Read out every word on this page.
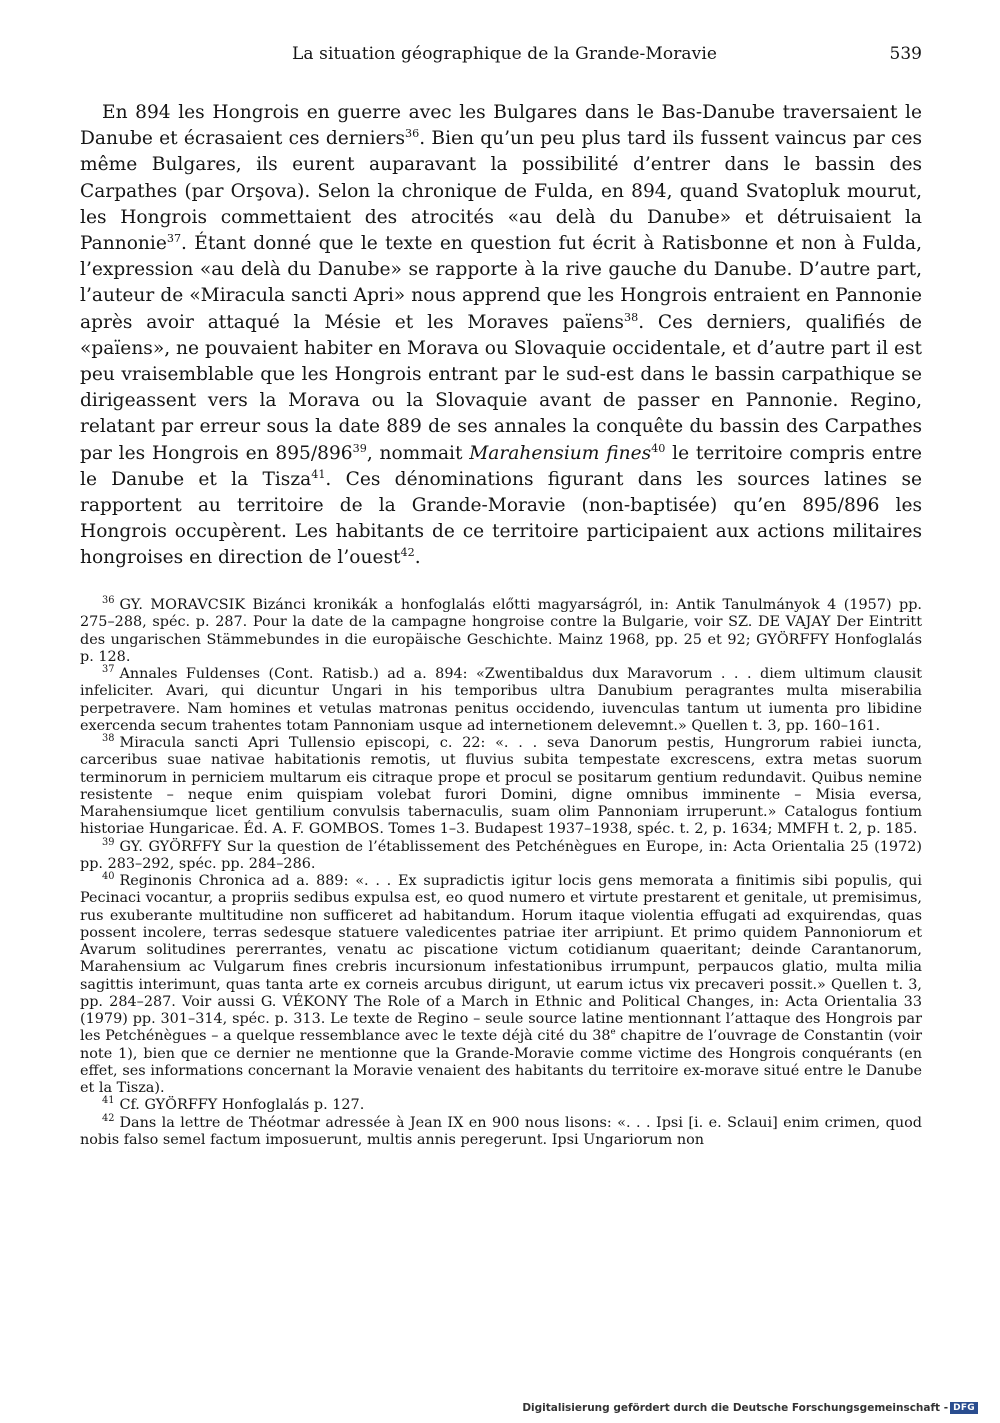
La situation géographique de la Grande-Moravie	539

En 894 les Hongrois en guerre avec les Bulgares dans le Bas-Danube traversaient le Danube et écrasaient ces derniers$^{36}$. Bien qu’un peu plus tard ils fussent vaincus par ces même Bulgares, ils eurent auparavant la possibilité d’entrer dans le bassin des Carpathes (par Orşova). Selon la chronique de Fulda, en 894, quand Svatopluk mourut, les Hongrois commettaient des atrocités «au delà du Danube» et détruisaient la Pannonie$^{37}$. Étant donné que le texte en question fut écrit à Ratisbonne et non à Fulda, l’expression «au delà du Danube» se rapporte à la rive gauche du Danube. D’autre part, l’auteur de «Miracula sancti Apri» nous apprend que les Hongrois entraient en Pannonie après avoir attaqué la Mésie et les Moraves païens$^{38}$. Ces derniers, qualifiés de «païens», ne pouvaient habiter en Morava ou Slovaquie occidentale, et d’autre part il est peu vraisemblable que les Hongrois entrant par le sud-est dans le bassin carpathique se dirigeassent vers la Morava ou la Slovaquie avant de passer en Pannonie. Regino, relatant par erreur sous la date 889 de ses annales la conquête du bassin des Carpathes par les Hongrois en $895/896^{39}$, nommait Marahensium fines$^{40}$ le territoire compris entre le Danube et la Tisza$^{41}$. Ces dénominations figurant dans les sources latines se rapportent au territoire de la Grande-Moravie (non-baptisée) qu’en 895/896 les Hongrois occupèrent. Les habitants de ce territoire participaient aux actions militaires hongroises en direction de l’ouest$^{42}$.

$^{36}$ GY. MORAVCSIK Bizánci kronikák a honfoglalás előtti magyarságról, in: Antik Tanulmányok 4 (1957) pp. 275–288, spéc. p. 287. Pour la date de la campagne hongroise contre la Bulgarie, voir SZ. DE VAJAY Der Eintritt des ungarischen Stämmebundes in die europäische Geschichte. Mainz 1968, pp. 25 et 92; GYÖRFFY Honfoglalás p. 128.

$^{37}$ Annales Fuldenses (Cont. Ratisb.) ad a. 894: «Zwentibaldus dux Maravorum . . . diem ultimum clausit infeliciter. Avari, qui dicuntur Ungari in his temporibus ultra Danubium peragrantes multa miserabilia perpetravere. Nam homines et vetulas matronas penitus occidendo, iuvenculas tantum ut iumenta pro libidine exercenda secum trahentes totam Pannoniam usque ad internetionem delevemnt.» Quellen t. 3, pp. 160–161.

$^{38}$ Miracula sancti Apri Tullensio episcopi, c. 22: «. . . seva Danorum pestis, Hungrorum rabiei iuncta, carceribus suae nativae habitationis remotis, ut fluvius subita tempestate excrescens, extra metas suorum terminorum in perniciem multarum eis citraque prope et procul se positarum gentium redundavit. Quibus nemine resistente – neque enim quispiam volebat furori Domini, digne omnibus imminente – Misia eversa, Marahensiumque licet gentilium convulsis tabernaculis, suam olim Pannoniam irruperunt.» Catalogus fontium historiae Hungaricae. Éd. A. F. GOMBOS. Tomes 1–3. Budapest 1937–1938, spéc. t. 2, p. 1634; MMFH t. 2, p. 185.

$^{39}$ GY. GYÖRFFY Sur la question de l’établissement des Petchénègues en Europe, in: Acta Orientalia 25 (1972) pp. 283–292, spéc. pp. 284–286.

$^{40}$ Reginonis Chronica ad a. 889: «. . . Ex supradictis igitur locis gens memorata a finitimis sibi populis, qui Pecinaci vocantur, a propriis sedibus expulsa est, eo quod numero et virtute prestarent et genitale, ut premisimus, rus exuberante multitudine non sufficeret ad habitandum. Horum itaque violentia effugati ad exquirendas, quas possent incolere, terras sedesque statuere valedicentes patriae iter arripiunt. Et primo quidem Pannoniorum et Avarum solitudines pererrantes, venatu ac piscatione victum cotidianum quaeritant; deinde Carantanorum, Marahensium ac Vulgarum fines crebris incursionum infestationibus irrumpunt, perpaucos glatio, multa milia sagittis interimunt, quas tanta arte ex corneis arcubus dirigunt, ut earum ictus vix precaveri possit.» Quellen t. 3, pp. 284–287. Voir aussi G. VÉKONY The Role of a March in Ethnic and Political Changes, in: Acta Orientalia 33 (1979) pp. 301–314, spéc. p. 313. Le texte de Regino – seule source latine mentionnant l’attaque des Hongrois par les Petchénègues – a quelque ressemblance avec le texte déjà cité du 38e chapitre de l’ouvrage de Constantin (voir note 1), bien que ce dernier ne mentionne que la Grande-Moravie comme victime des Hongrois conquérants (en effet, ses informations concernant la Moravie venaient des habitants du territoire ex-morave situé entre le Danube et la Tisza).

$^{41}$ Cf. GYÖRFFY Honfoglalás p. 127.

$^{42}$ Dans la lettre de Théotmar adressée à Jean IX en 900 nous lisons: «. . . Ipsi [i. e. Sclaui] enim crimen, quod nobis falso semel factum imposuerunt, multis annis peregerunt. Ipsi Ungariorum non

Digitalisierung gefördert durch die Deutsche Forschungsgemeinschaft - DFG
